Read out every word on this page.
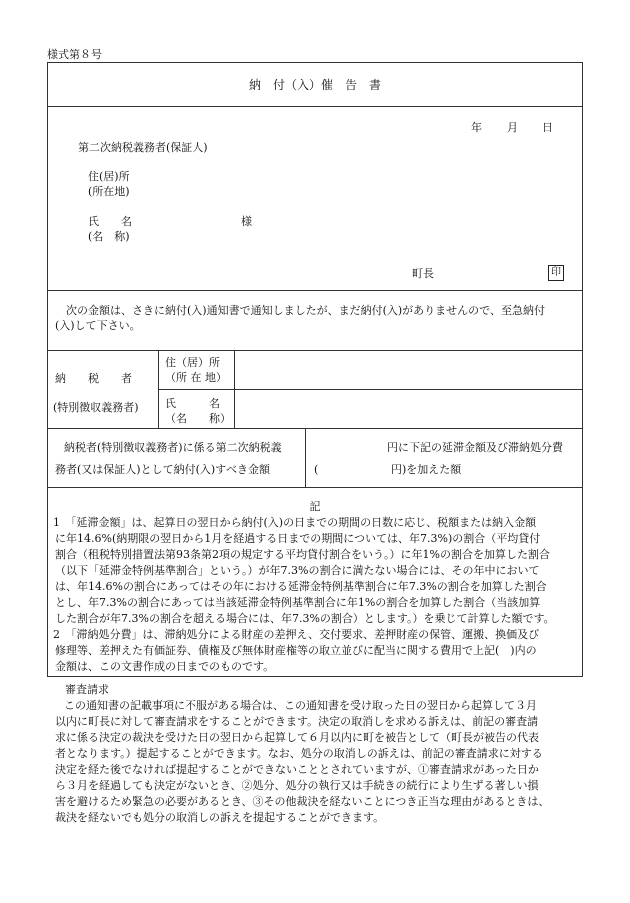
様式第８号
納　付（入）催　告　書
年 月 日
第二次納税義務者(保証人)
住(居)所
(所在地)
氏　　名
(名　称)
様
町長	印
次の金額は、さきに納付(入)通知書で通知しましたが、まだ納付(入)がありませんので、至急納付
(入)して下さい。
納　　税　　者
(特別徴収義務者)
住（居）所
（所 在 地）
氏　　　名
（名　　称）
納税者(特別徴収義務者)に係る第二次納税義
務者(又は保証人)として納付(入)すべき金額
円に下記の延滞金額及び滞納処分費
(	円)を加えた額
記
1　「延滞金額」は、起算日の翌日から納付(入)の日までの期間の日数に応じ、税額または納入金額
に年14.6%(納期限の翌日から1月を経過する日までの期間については、年7.3%)の割合（平均貸付
割合（租税特別措置法第93条第2項の規定する平均貸付割合をいう。）に年1%の割合を加算した割合
（以下「延滞金特例基準割合」という。）が年7.3%の割合に満たない場合には、その年中において
は、年14.6%の割合にあってはその年における延滞金特例基準割合に年7.3%の割合を加算した割合
とし、年7.3%の割合にあっては当該延滞金特例基準割合に年1%の割合を加算した割合（当該加算
した割合が年7.3%の割合を超える場合には、年7.3%の割合）とします。）を乗じて計算した額です。
2　「滞納処分費」は、滞納処分による財産の差押え、交付要求、差押財産の保管、運搬、換価及び
修理等、差押えた有価証券、債権及び無体財産権等の取立並びに配当に関する費用で上記(　)内の
金額は、この文書作成の日までのものです。
審査請求
この通知書の記載事項に不服がある場合は、この通知書を受け取った日の翌日から起算して３月
以内に町長に対して審査請求をすることができます。決定の取消しを求める訴えは、前記の審査請
求に係る決定の裁決を受けた日の翌日から起算して６月以内に町を被告として（町長が被告の代表
者となります。）提起することができます。なお、処分の取消しの訴えは、前記の審査請求に対する
決定を経た後でなければ提起することができないこととされていますが、①審査請求があった日か
ら３月を経過しても決定がないとき、②処分、処分の執行又は手続きの続行により生ずる著しい損
害を避けるため緊急の必要があるとき、③その他裁決を経ないことにつき正当な理由があるときは、
裁決を経ないでも処分の取消しの訴えを提起することができます。
